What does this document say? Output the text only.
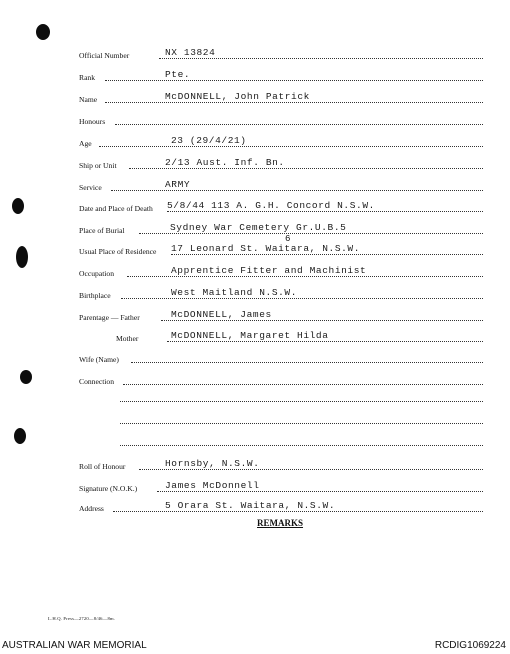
Official Number	NX 13824
Rank	Pte.
Name	McDONNELL, John Patrick
Honours
Age	23 (29/4/21)
Ship or Unit	2/13 Aust. Inf. Bn.
Service	ARMY
Date and Place of Death 5/8/44 113 A. G.H. Concord N.S.W.
Place of Burial	Sydney War Cemetery Gr.U.B.5
Usual Place of Residence 17 Leonard St. Waitara, N.S.W.
6
Occupation	Apprentice Fitter and Machinist
Birthplace	West Maitland N.S.W.
Parentage — Father	McDONNELL, James
Mother	McDONNELL, Margaret Hilda
Wife (Name)
Connection
Roll of Honour	Hornsby, N.S.W.
Signature (N.O.K.)	James McDonnell
Address	5 Orara St. Waitara, N.S.W.
REMARKS
L.H.Q. Press—2720—8/46—8m.
AUSTRALIAN WAR MEMORIAL	RCDIG1069224
